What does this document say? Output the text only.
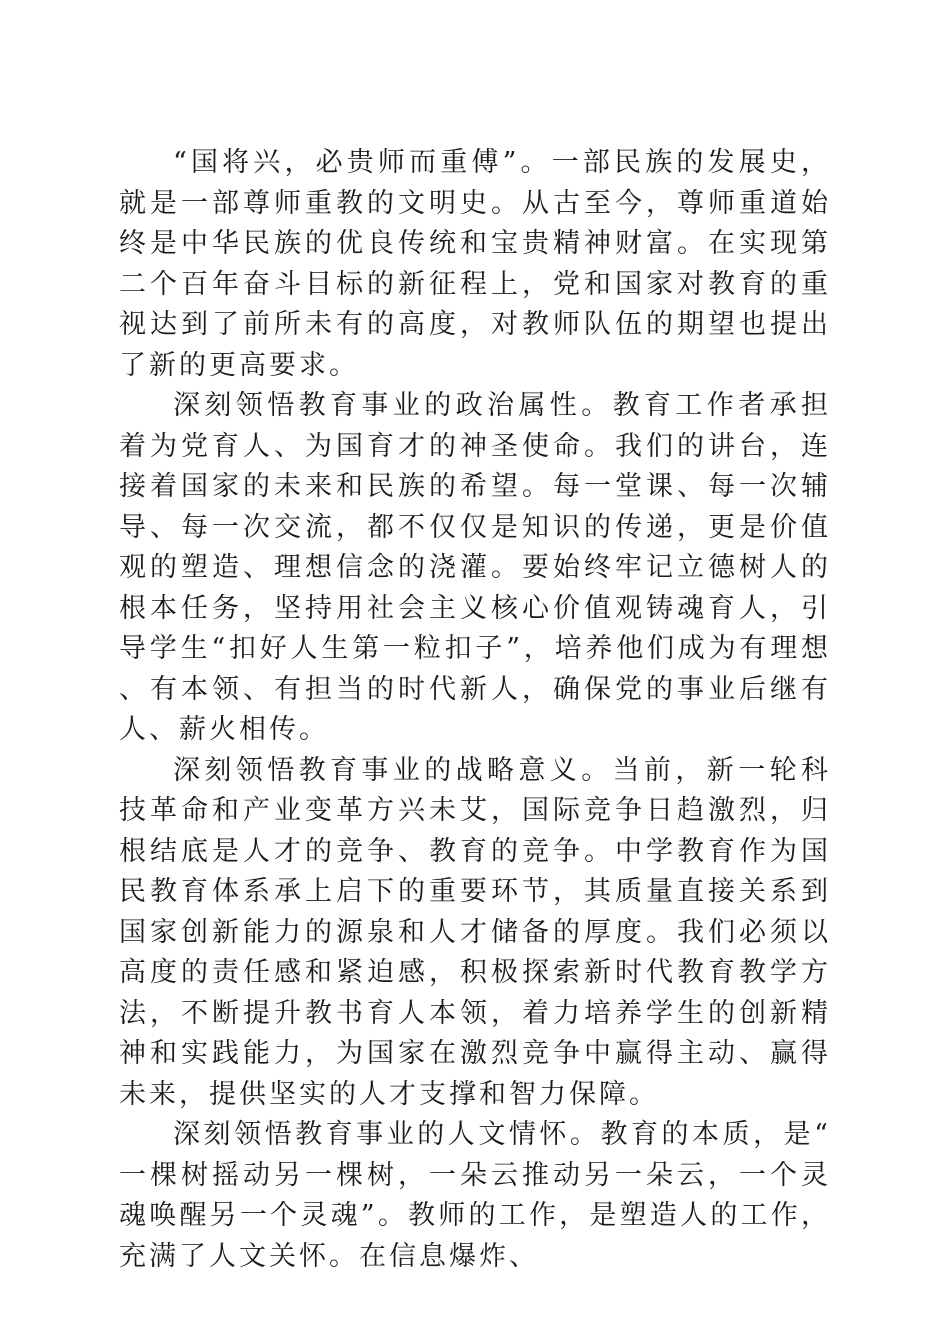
“国将兴，必贵师而重傅”。一部民族的发展史，就是一部尊师重教的文明史。从古至今，尊师重道始终是中华民族的优良传统和宝贵精神财富。在实现第二个百年奋斗目标的新征程上，党和国家对教育的重视达到了前所未有的高度，对教师队伍的期望也提出了新的更高要求。

深刻领悟教育事业的政治属性。教育工作者承担着为党育人、为国育才的神圣使命。我们的讲台，连接着国家的未来和民族的希望。每一堂课、每一次辅导、每一次交流，都不仅仅是知识的传递，更是价值观的塑造、理想信念的浇灌。要始终牢记立德树人的根本任务，坚持用社会主义核心价值观铸魂育人，引导学生“扣好人生第一粒扣子”，培养他们成为有理想、有本领、有担当的时代新人，确保党的事业后继有人、薪火相传。

深刻领悟教育事业的战略意义。当前，新一轮科技革命和产业变革方兴未艾，国际竞争日趋激烈，归根结底是人才的竞争、教育的竞争。中学教育作为国民教育体系承上启下的重要环节，其质量直接关系到国家创新能力的源泉和人才储备的厚度。我们必须以高度的责任感和紧迫感，积极探索新时代教育教学方法，不断提升教书育人本领，着力培养学生的创新精神和实践能力，为国家在激烈竞争中赢得主动、赢得未来，提供坚实的人才支撑和智力保障。

深刻领悟教育事业的人文情怀。教育的本质，是“一棵树摇动另一棵树，一朵云推动另一朵云，一个灵魂唤醒另一个灵魂”。教师的工作，是塑造人的工作，充满了人文关怀。在信息爆炸、
